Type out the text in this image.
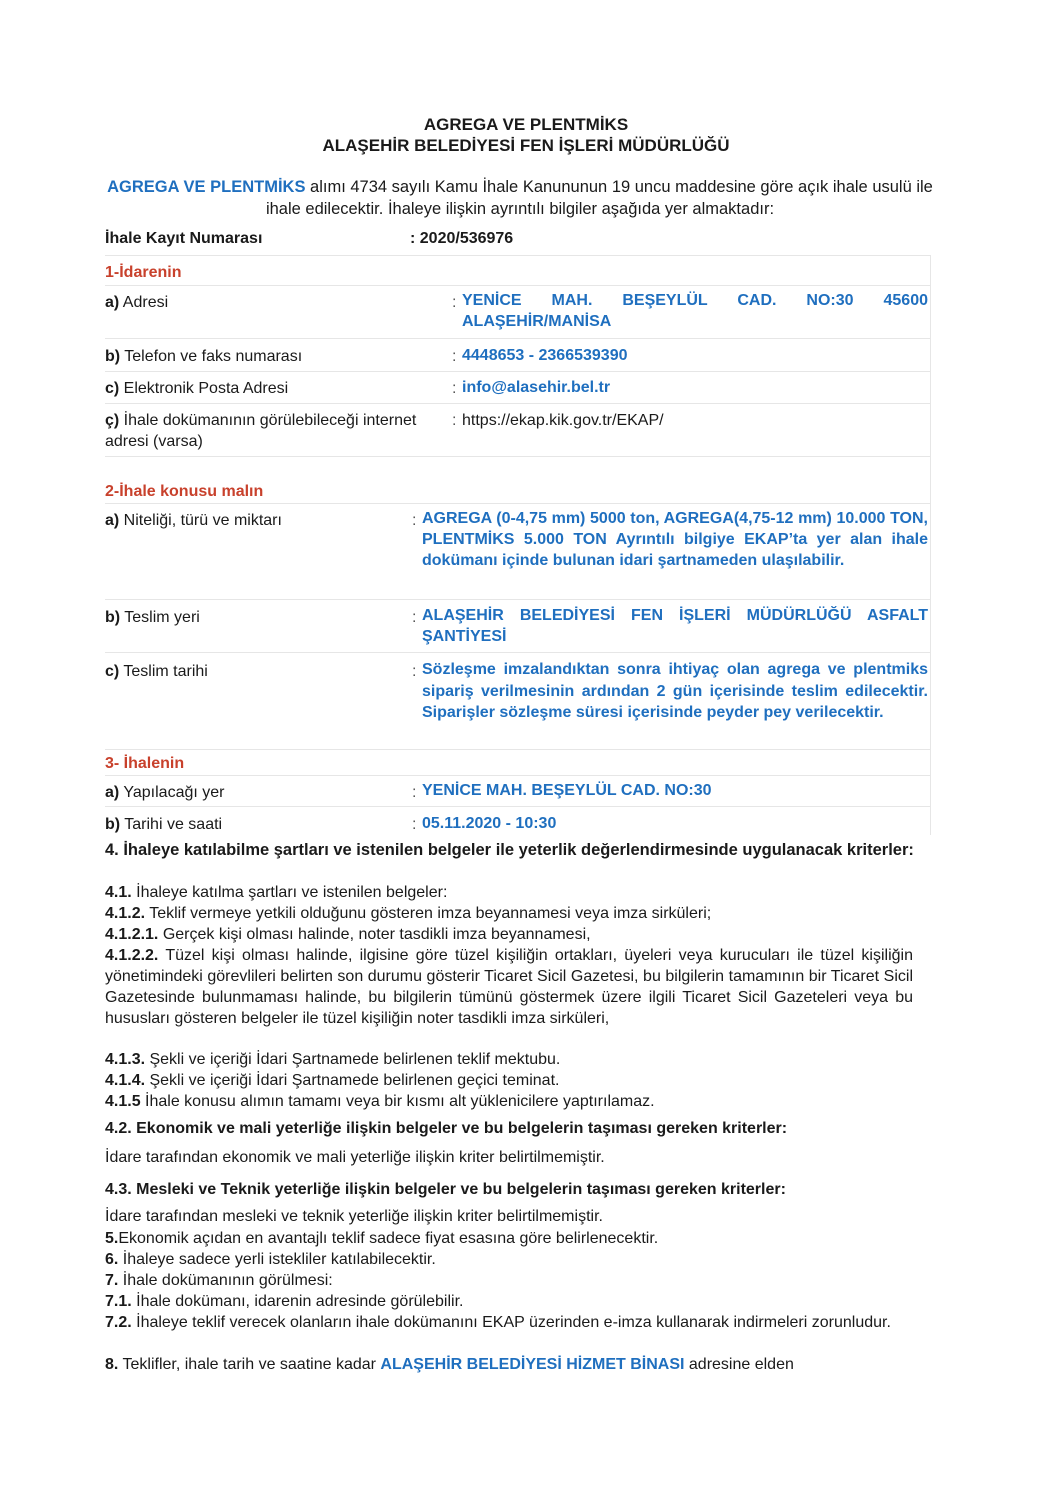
AGREGA VE PLENTMİKS
ALAŞEHİR BELEDİYESİ FEN İŞLERİ MÜDÜRLÜĞÜ
AGREGA VE PLENTMİKS alımı 4734 sayılı Kamu İhale Kanununun 19 uncu maddesine göre açık ihale usulü ile ihale edilecektir. İhaleye ilişkin ayrıntılı bilgiler aşağıda yer almaktadır:
İhale Kayıt Numarası	: 2020/536976
1-İdarenin
a) Adresi	: YENİCE MAH. BEŞEYLÜL CAD. NO:30 45600 ALAŞEHİR/MANİSA
b) Telefon ve faks numarası	: 4448653 - 2366539390
c) Elektronik Posta Adresi	: info@alasehir.bel.tr
ç) İhale dokümanının görülebileceği internet adresi (varsa)
: https://ekap.kik.gov.tr/EKAP/
2-İhale konusu malın
a) Niteliği, türü ve miktarı	: AGREGA (0-4,75 mm) 5000 ton, AGREGA(4,75-12 mm) 10.000 TON, PLENTMİKS 5.000 TON Ayrıntılı bilgiye EKAP’ta yer alan ihale dokümanı içinde bulunan idari şartnameden ulaşılabilir.
b) Teslim yeri	: ALAŞEHİR BELEDİYESİ FEN İŞLERİ MÜDÜRLÜĞÜ ASFALT ŞANTİYESİ
c) Teslim tarihi	: Sözleşme imzalandıktan sonra ihtiyaç olan agrega ve plentmiks sipariş verilmesinin ardından 2 gün içerisinde teslim edilecektir. Siparişler sözleşme süresi içerisinde peyder pey verilecektir.
3- İhalenin
a) Yapılacağı yer	: YENİCE MAH. BEŞEYLÜL CAD. NO:30
b) Tarihi ve saati	: 05.11.2020 - 10:30
4. İhaleye katılabilme şartları ve istenilen belgeler ile yeterlik değerlendirmesinde uygulanacak kriterler:
4.1. İhaleye katılma şartları ve istenilen belgeler:
4.1.2. Teklif vermeye yetkili olduğunu gösteren imza beyannamesi veya imza sirküleri;
4.1.2.1. Gerçek kişi olması halinde, noter tasdikli imza beyannamesi,
4.1.2.2. Tüzel kişi olması halinde, ilgisine göre tüzel kişiliğin ortakları, üyeleri veya kurucuları ile tüzel kişiliğin yönetimindeki görevlileri belirten son durumu gösterir Ticaret Sicil Gazetesi, bu bilgilerin tamamının bir Ticaret Sicil Gazetesinde bulunmaması halinde, bu bilgilerin tümünü göstermek üzere ilgili Ticaret Sicil Gazeteleri veya bu hususları gösteren belgeler ile tüzel kişiliğin noter tasdikli imza sirküleri,
4.1.3. Şekli ve içeriği İdari Şartnamede belirlenen teklif mektubu.
4.1.4. Şekli ve içeriği İdari Şartnamede belirlenen geçici teminat.
4.1.5 İhale konusu alımın tamamı veya bir kısmı alt yüklenicilere yaptırılamaz.
4.2. Ekonomik ve mali yeterliğe ilişkin belgeler ve bu belgelerin taşıması gereken kriterler:
İdare tarafından ekonomik ve mali yeterliğe ilişkin kriter belirtilmemiştir.
4.3. Mesleki ve Teknik yeterliğe ilişkin belgeler ve bu belgelerin taşıması gereken kriterler:
İdare tarafından mesleki ve teknik yeterliğe ilişkin kriter belirtilmemiştir.
5.Ekonomik açıdan en avantajlı teklif sadece fiyat esasına göre belirlenecektir.
6. İhaleye sadece yerli istekliler katılabilecektir.
7. İhale dokümanının görülmesi:
7.1. İhale dokümanı, idarenin adresinde görülebilir.
7.2. İhaleye teklif verecek olanların ihale dokümanını EKAP üzerinden e-imza kullanarak indirmeleri zorunludur.
8. Teklifler, ihale tarih ve saatine kadar ALAŞEHİR BELEDİYESİ HİZMET BİNASI adresine elden
